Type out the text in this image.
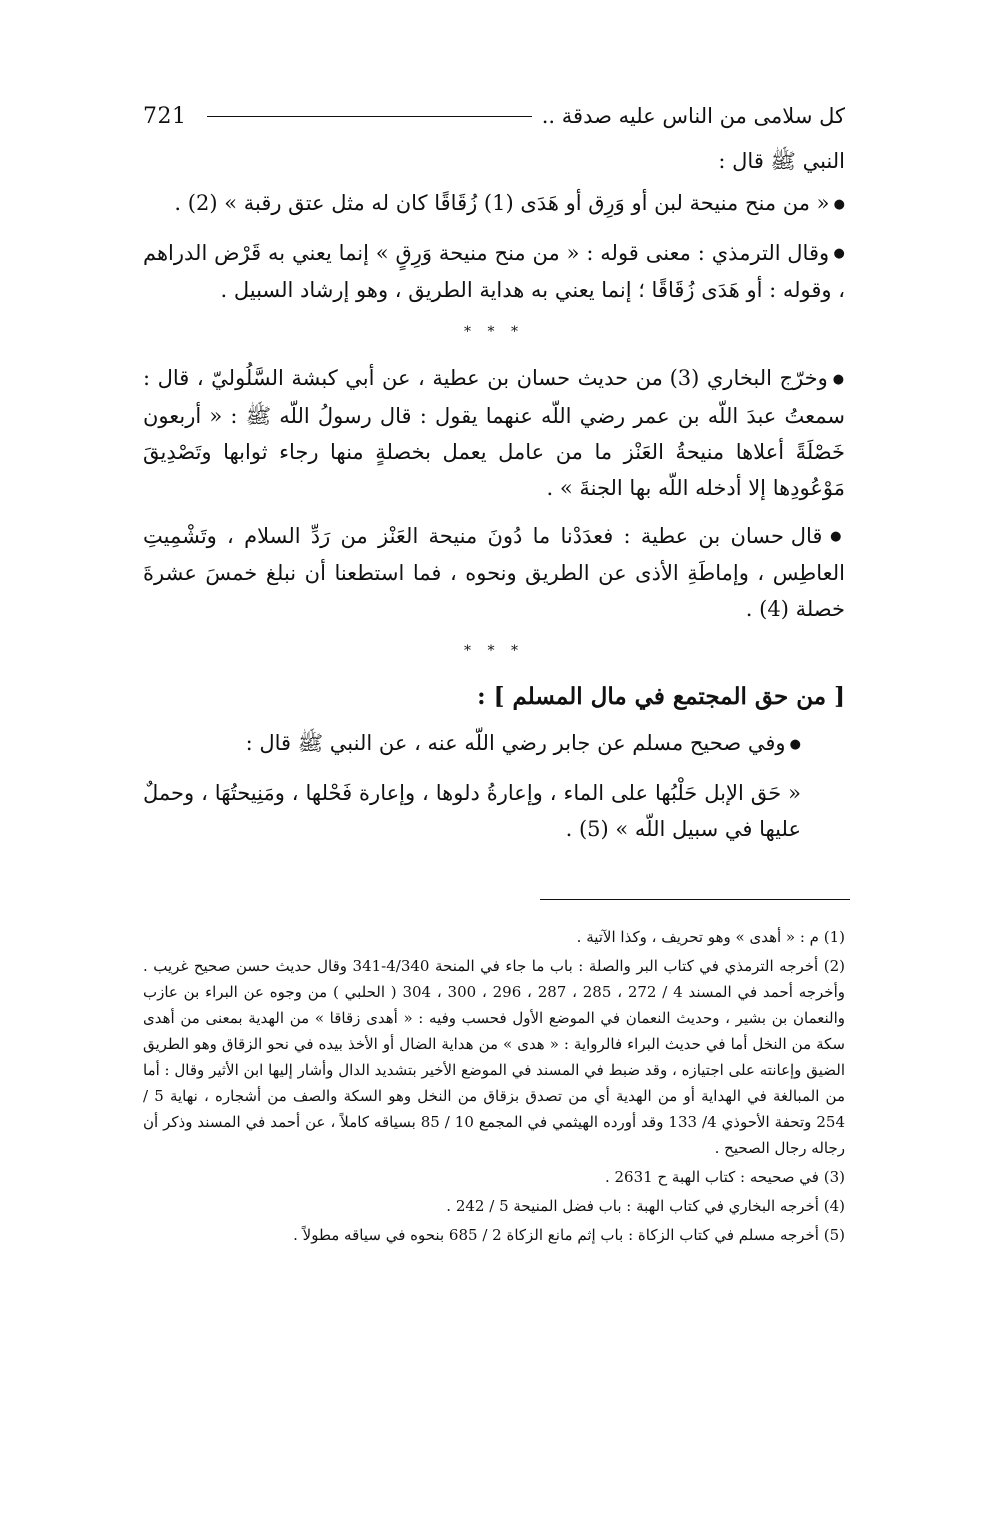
721	كل سلامى من الناس عليه صدقة ..

النبي ﷺ قال :

● « من منح منيحة لبن أو وَرِق أو هَدَى (1) زُقَاقًا كان له مثل عتق رقبة » (2) .

● وقال الترمذي : معنى قوله : « من منح منيحة وَرِقٍ » إنما يعني به قَرْض الدراهم ، وقوله : أو هَدَى زُقَاقًا ؛ إنما يعني به هداية الطريق ، وهو إرشاد السبيل .

* * *

● وخرّج البخاري (3) من حديث حسان بن عطية ، عن أبي كبشة السَّلُوليّ ، قال : سمعتُ عبدَ اللّه بن عمر رضي اللّه عنهما يقول : قال رسولُ اللّه ﷺ : « أربعون خَصْلَةً أعلاها منيحةُ العَنْز ما من عامل يعمل بخصلةٍ منها رجاء ثوابها وتَصْدِيقَ مَوْعُودِها إلا أدخله اللّه بها الجنةَ » .

● قال حسان بن عطية : فعدَدْنا ما دُونَ منيحة العَنْز من رَدِّ السلام ، وتَشْمِيتِ العاطِس ، وإماطَةِ الأذى عن الطريق ونحوه ، فما استطعنا أن نبلغ خمسَ عشرةَ خصلة (4) .

* * *

[ من حق المجتمع في مال المسلم ] :

● وفي صحيح مسلم عن جابر رضي اللّه عنه ، عن النبي ﷺ قال :

« حَق الإبل حَلْبُها على الماء ، وإعارةُ دلوها ، وإعارة فَحْلها ، ومَنِيحتُهَا ، وحملٌ عليها في سبيل اللّه » (5) .

(1) م : « أهدى » وهو تحريف ، وكذا الآتية .

(2) أخرجه الترمذي في كتاب البر والصلة : باب ما جاء في المنحة 4/340-341 وقال حديث حسن صحيح غريب . وأخرجه أحمد في المسند 4 / 272 ، 285 ، 287 ، 296 ، 300 ، 304 ( الحلبي ) من وجوه عن البراء بن عازب والنعمان بن بشير ، وحديث النعمان في الموضع الأول فحسب وفيه : « أهدى زقاقا » من الهدية بمعنى من أهدى سكة من النخل أما في حديث البراء فالرواية : « هدى » من هداية الضال أو الأخذ بيده في نحو الزقاق وهو الطريق الضيق وإعانته على اجتيازه ، وقد ضبط في المسند في الموضع الأخير بتشديد الدال وأشار إليها ابن الأثير وقال : أما من المبالغة في الهداية أو من الهدية أي من تصدق بزقاق من النخل وهو السكة والصف من أشجاره ، نهاية 5 / 254 وتحفة الأحوذي 4/ 133 وقد أورده الهيثمي في المجمع 10 / 85 بسياقه كاملاً ، عن أحمد في المسند وذكر أن رجاله رجال الصحيح .

(3) في صحيحه : كتاب الهبة ح 2631 .

(4) أخرجه البخاري في كتاب الهبة : باب فضل المنيحة 5 / 242 .

(5) أخرجه مسلم في كتاب الزكاة : باب إثم مانع الزكاة 2 / 685 بنحوه في سياقه مطولاً .
